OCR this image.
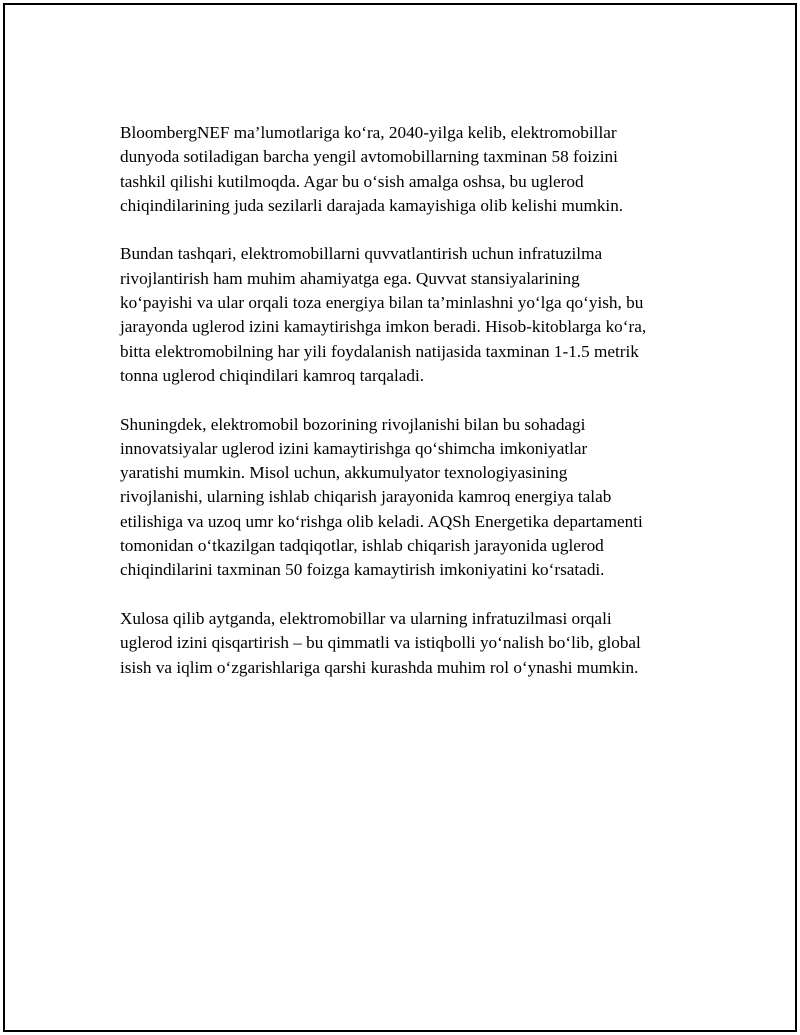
BloombergNEF ma’lumotlariga ko‘ra, 2040-yilga kelib, elektromobillar
dunyoda sotiladigan barcha yengil avtomobillarning taxminan 58 foizini
tashkil qilishi kutilmoqda. Agar bu o‘sish amalga oshsa, bu uglerod
chiqindilarining juda sezilarli darajada kamayishiga olib kelishi mumkin.

Bundan tashqari, elektromobillarni quvvatlantirish uchun infratuzilma
rivojlantirish ham muhim ahamiyatga ega. Quvvat stansiyalarining
ko‘payishi va ular orqali toza energiya bilan ta’minlashni yo‘lga qo‘yish, bu
jarayonda uglerod izini kamaytirishga imkon beradi. Hisob-kitoblarga ko‘ra,
bitta elektromobilning har yili foydalanish natijasida taxminan 1-1.5 metrik
tonna uglerod chiqindilari kamroq tarqaladi.

Shuningdek, elektromobil bozorining rivojlanishi bilan bu sohadagi
innovatsiyalar uglerod izini kamaytirishga qo‘shimcha imkoniyatlar
yaratishi mumkin. Misol uchun, akkumulyator texnologiyasining
rivojlanishi, ularning ishlab chiqarish jarayonida kamroq energiya talab
etilishiga va uzoq umr ko‘rishga olib keladi. AQSh Energetika departamenti
tomonidan o‘tkazilgan tadqiqotlar, ishlab chiqarish jarayonida uglerod
chiqindilarini taxminan 50 foizga kamaytirish imkoniyatini ko‘rsatadi.

Xulosa qilib aytganda, elektromobillar va ularning infratuzilmasi orqali
uglerod izini qisqartirish – bu qimmatli va istiqbolli yo‘nalish bo‘lib, global
isish va iqlim o‘zgarishlariga qarshi kurashda muhim rol o‘ynashi mumkin.
